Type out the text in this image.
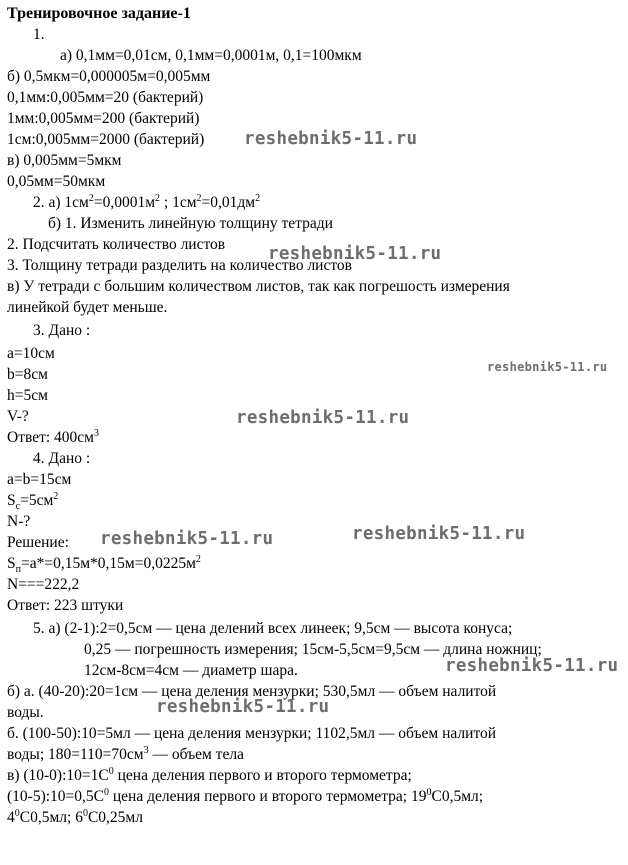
Тренировочное задание-1
1.
а) 0,1мм=0,01см, 0,1мм=0,0001м, 0,1=100мкм
б) 0,5мкм=0,000005м=0,005мм
0,1мм:0,005мм=20 (бактерий)
1мм:0,005мм=200 (бактерий)
1см:0,005мм=2000 (бактерий)
в) 0,005мм=5мкм
0,05мм=50мкм
2. а) $1см^2=0,0001м^2$ ; $1см^2=0,01дм^2$
б) 1. Изменить линейную толщину тетради
2. Подсчитать количество листов
3. Толщину тетради разделить на количество листов
в) У тетради с большим количеством листов, так как погрешость измерения
линейкой будет меньше.
3. Дано :
a=10см
b=8см
h=5см
V-?
Ответ: $400см^3$
4. Дано :
a=b=15см
$S_c=5см^2$
N-?
Решение:
$S_п=a*=0,15м*0,15м=0,0225м^2$
N===222,2
Ответ: 223 штуки
5. а) (2-1):2=0,5см — цена делений всех линеек; 9,5см — высота конуса;
0,25 — погрешность измерения; 15см-5,5см=9,5см — длина ножниц;
12см-8см=4см — диаметр шара.
б) а. (40-20):20=1см — цена деления мензурки; 530,5мл — объем налитой
воды.
б. (100-50):10=5мл — цена деления мензурки; 1102,5мл — объем налитой
воды; $180=110=70см^3$ — объем тела
в) $(10-0):10=1С^0$ цена деления первого и второго термометра;
$(10-5):10=0,5С^0$ цена деления первого и второго термометра; $19^0С0,5мл$;
$4^0С0,5мл$; $6^0С0,25мл$
reshebnik5-11.ru
reshebnik5-11.ru
reshebnik5-11.ru
reshebnik5-11.ru
reshebnik5-11.ru	reshebnik5-11.ru
reshebnik5-11.ru
reshebnik5-11.ru
